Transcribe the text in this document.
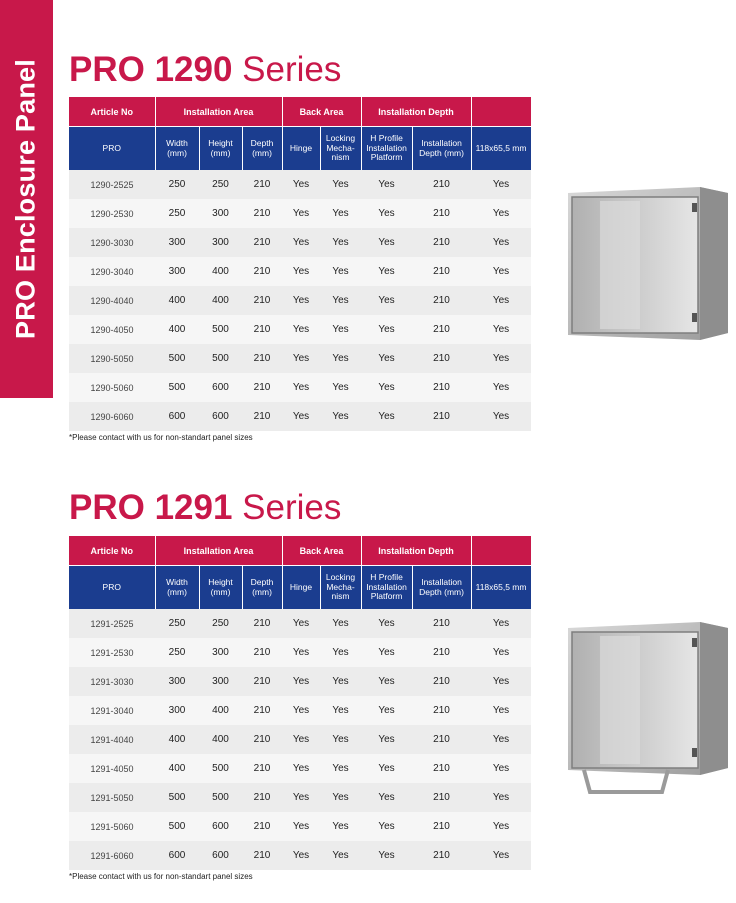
PRO Enclosure Panel PRO 1290 Series
Article No	Installation Area			Back Area		Installation Depth		
PRO	Width (mm)	Height (mm)	Depth (mm)	Hinge	Locking Mecha- nism	H Profile Installation Platform	Installation Depth (mm)	118x65,5 mm
1290-2525	250	250	210	Yes	Yes	Yes	210	Yes
1290-2530	250	300	210	Yes	Yes	Yes	210	Yes
1290-3030	300	300	210	Yes	Yes	Yes	210	Yes
1290-3040	300	400	210	Yes	Yes	Yes	210	Yes
1290-4040	400	400	210	Yes	Yes	Yes	210	Yes
1290-4050	400	500	210	Yes	Yes	Yes	210	Yes
1290-5050	500	500	210	Yes	Yes	Yes	210	Yes
1290-5060	500	600	210	Yes	Yes	Yes	210	Yes
1290-6060	600	600	210	Yes	Yes	Yes	210	Yes
*Please contact with us for non-standart panel sizes
PRO 1291 Series
Article No	Installation Area			Back Area		Installation Depth		
PRO	Width (mm)	Height (mm)	Depth (mm)	Hinge	Locking Mecha- nism	H Profile Installation Platform	Installation Depth (mm)	118x65,5 mm
1291-2525	250	250	210	Yes	Yes	Yes	210	Yes
1291-2530	250	300	210	Yes	Yes	Yes	210	Yes
1291-3030	300	300	210	Yes	Yes	Yes	210	Yes
1291-3040	300	400	210	Yes	Yes	Yes	210	Yes
1291-4040	400	400	210	Yes	Yes	Yes	210	Yes
1291-4050	400	500	210	Yes	Yes	Yes	210	Yes
1291-5050	500	500	210	Yes	Yes	Yes	210	Yes
1291-5060	500	600	210	Yes	Yes	Yes	210	Yes
1291-6060	600	600	210	Yes	Yes	Yes	210	Yes
*Please contact with us for non-standart panel sizes
